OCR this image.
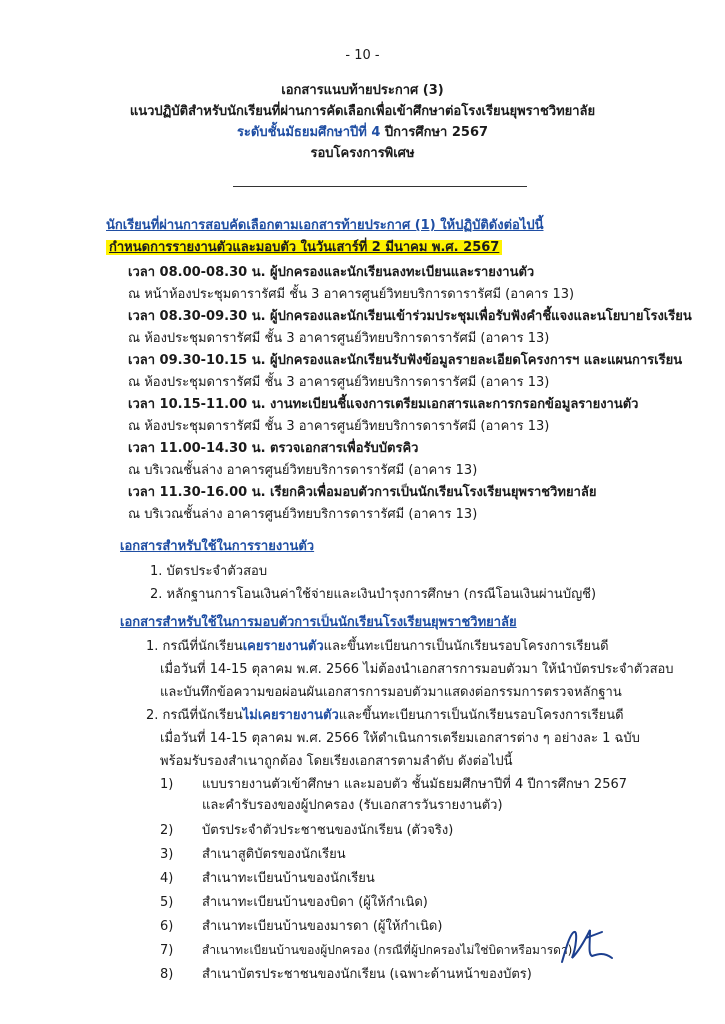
- 10 -
เอกสารแนบท้ายประกาศ (3)
แนวปฏิบัติสำหรับนักเรียนที่ผ่านการคัดเลือกเพื่อเข้าศึกษาต่อโรงเรียนยุพราชวิทยาลัย
ระดับชั้นมัธยมศึกษาปีที่ 4 ปีการศึกษา 2567
รอบโครงการพิเศษ
นักเรียนที่ผ่านการสอบคัดเลือกตามเอกสารท้ายประกาศ (1) ให้ปฏิบัติดังต่อไปนี้
กำหนดการรายงานตัวและมอบตัว ในวันเสาร์ที่ 2 มีนาคม พ.ศ. 2567
เวลา 08.00-08.30 น. ผู้ปกครองและนักเรียนลงทะเบียนและรายงานตัว
ณ หน้าห้องประชุมดารารัศมี ชั้น 3 อาคารศูนย์วิทยบริการดารารัศมี (อาคาร 13)
เวลา 08.30-09.30 น. ผู้ปกครองและนักเรียนเข้าร่วมประชุมเพื่อรับฟังคำชี้แจงและนโยบายโรงเรียน
ณ ห้องประชุมดารารัศมี ชั้น 3 อาคารศูนย์วิทยบริการดารารัศมี (อาคาร 13)
เวลา 09.30-10.15 น. ผู้ปกครองและนักเรียนรับฟังข้อมูลรายละเอียดโครงการฯ และแผนการเรียน
ณ ห้องประชุมดารารัศมี ชั้น 3 อาคารศูนย์วิทยบริการดารารัศมี (อาคาร 13)
เวลา 10.15-11.00 น. งานทะเบียนชี้แจงการเตรียมเอกสารและการกรอกข้อมูลรายงานตัว
ณ ห้องประชุมดารารัศมี ชั้น 3 อาคารศูนย์วิทยบริการดารารัศมี (อาคาร 13)
เวลา 11.00-14.30 น. ตรวจเอกสารเพื่อรับบัตรคิว
ณ บริเวณชั้นล่าง อาคารศูนย์วิทยบริการดารารัศมี (อาคาร 13)
เวลา 11.30-16.00 น. เรียกคิวเพื่อมอบตัวการเป็นนักเรียนโรงเรียนยุพราชวิทยาลัย
ณ บริเวณชั้นล่าง อาคารศูนย์วิทยบริการดารารัศมี (อาคาร 13)
เอกสารสำหรับใช้ในการรายงานตัว
1. บัตรประจำตัวสอบ
2. หลักฐานการโอนเงินค่าใช้จ่ายและเงินบำรุงการศึกษา (กรณีโอนเงินผ่านบัญชี)
เอกสารสำหรับใช้ในการมอบตัวการเป็นนักเรียนโรงเรียนยุพราชวิทยาลัย
1. กรณีที่นักเรียนเคยรายงานตัวและขึ้นทะเบียนการเป็นนักเรียนรอบโครงการเรียนดี
เมื่อวันที่ 14-15 ตุลาคม พ.ศ. 2566 ไม่ต้องนำเอกสารการมอบตัวมา ให้นำบัตรประจำตัวสอบ
และบันทึกข้อความขอผ่อนผันเอกสารการมอบตัวมาแสดงต่อกรรมการตรวจหลักฐาน
2. กรณีที่นักเรียนไม่เคยรายงานตัวและขึ้นทะเบียนการเป็นนักเรียนรอบโครงการเรียนดี
เมื่อวันที่ 14-15 ตุลาคม พ.ศ. 2566 ให้ดำเนินการเตรียมเอกสารต่าง ๆ อย่างละ 1 ฉบับ
พร้อมรับรองสำเนาถูกต้อง โดยเรียงเอกสารตามลำดับ ดังต่อไปนี้
1) แบบรายงานตัวเข้าศึกษา และมอบตัว ชั้นมัธยมศึกษาปีที่ 4 ปีการศึกษา 2567
และคำรับรองของผู้ปกครอง (รับเอกสารวันรายงานตัว)
2) บัตรประจำตัวประชาชนของนักเรียน (ตัวจริง)
3) สำเนาสูติบัตรของนักเรียน
4) สำเนาทะเบียนบ้านของนักเรียน
5) สำเนาทะเบียนบ้านของบิดา (ผู้ให้กำเนิด)
6) สำเนาทะเบียนบ้านของมารดา (ผู้ให้กำเนิด)
7) สำเนาทะเบียนบ้านของผู้ปกครอง (กรณีที่ผู้ปกครองไม่ใช่บิดาหรือมารดา)
8) สำเนาบัตรประชาชนของนักเรียน (เฉพาะด้านหน้าของบัตร)
